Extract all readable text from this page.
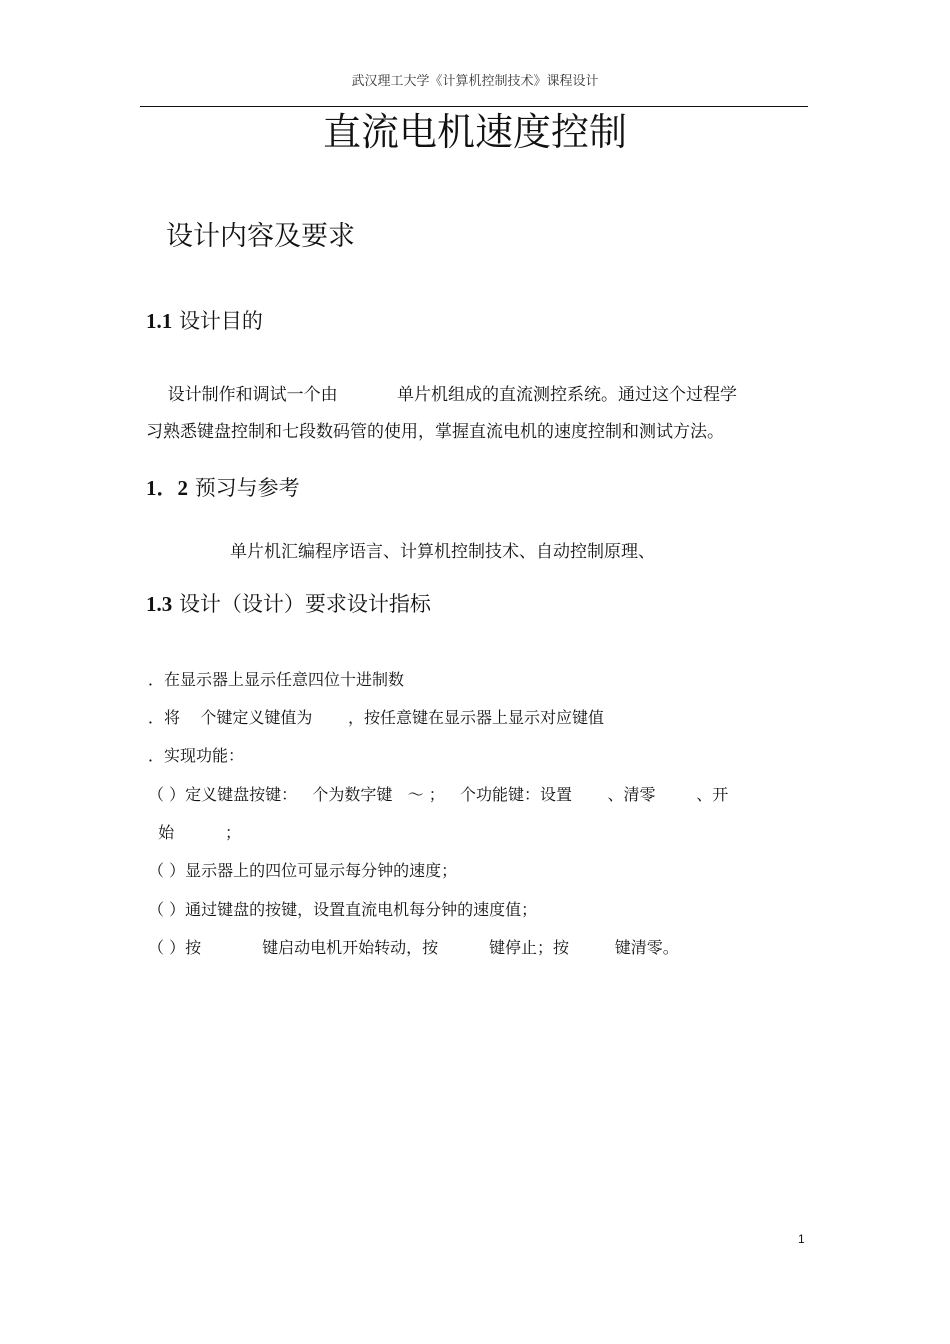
武汉理工大学《计算机控制技术》课程设计
直流电机速度控制
设计内容及要求
1.1 设计目的
设计制作和调试一个由           单片机组成的直流测控系统。通过这个过程学
习熟悉键盘控制和七段数码管的使用，掌握直流电机的速度控制和测试方法。
1．2 预习与参考
单片机汇编程序语言、计算机控制技术、自动控制原理、
1.3 设计（设计）要求设计指标
．在显示器上显示任意四位十进制数
．将    个键定义键值为       ，按任意键在显示器上显示对应键值
．实现功能：
（ ）定义键盘按键：   个为数字键   ～ ；   个功能键：设置       、清零        、开
始          ；
（ ）显示器上的四位可显示每分钟的速度；
（ ）通过键盘的按键，设置直流电机每分钟的速度值；
（ ）按            键启动电机开始转动，按          键停止；按         键清零。
1
